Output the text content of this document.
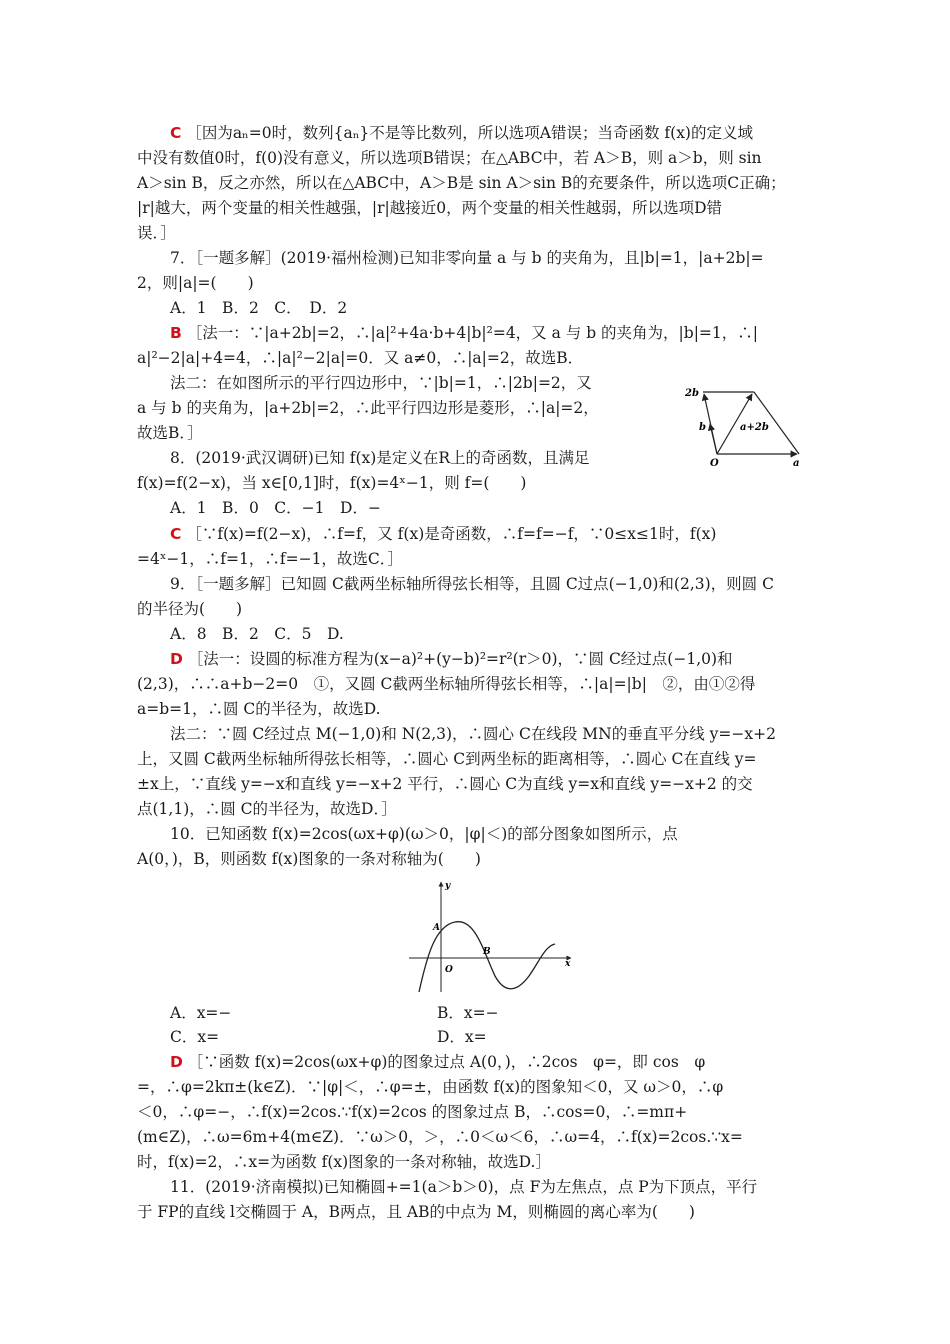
C ［因为aₙ=0时，数列{aₙ}不是等比数列，所以选项A错误；当奇函数 f(x)的定义域
中没有数值0时，f(0)没有意义，所以选项B错误；在△ABC中，若 A＞B，则 a＞b，则 sin
A＞sin B，反之亦然，所以在△ABC中，A＞B是 sin A＞sin B的充要条件，所以选项C正确；
|r|越大，两个变量的相关性越强，|r|越接近0，两个变量的相关性越弱，所以选项D错
误．］
7．［一题多解］(2019·福州检测)已知非零向量 a 与 b 的夹角为，且|b|=1，|a+2b|=
2，则|a|=(　　)
A．1　B．2　C．　D．2
B ［法一：∵|a+2b|=2，∴|a|²+4a·b+4|b|²=4，又 a 与 b 的夹角为，|b|=1，∴|
a|²−2|a|+4=4，∴|a|²−2|a|=0．又 a≠0，∴|a|=2，故选B．
法二：在如图所示的平行四边形中，∵|b|=1，∴|2b|=2，又
a 与 b 的夹角为，|a+2b|=2，∴此平行四边形是菱形，∴|a|=2，
故选B．］
2b
b	a+2b
O	a
8．(2019·武汉调研)已知 f(x)是定义在R上的奇函数，且满足
f(x)=f(2−x)，当 x∈[0,1]时，f(x)=4ˣ−1，则 f=(　　)
A．1　B．0　C．−1　D．−
C ［∵f(x)=f(2−x)，∴f=f，又 f(x)是奇函数，∴f=f=−f，∵0≤x≤1时，f(x)
=4ˣ−1，∴f=1，∴f=−1，故选C．］
9．［一题多解］已知圆 C截两坐标轴所得弦长相等，且圆 C过点(−1,0)和(2,3)，则圆 C
的半径为(　　)
A．8　B．2　C．5　D.
D ［法一：设圆的标准方程为(x−a)²+(y−b)²=r²(r＞0)，∵圆 C经过点(−1,0)和
(2,3)，∴∴a+b−2=0　①，又圆 C截两坐标轴所得弦长相等，∴|a|=|b|　②，由①②得
a=b=1，∴圆 C的半径为，故选D.
法二：∵圆 C经过点 M(−1,0)和 N(2,3)，∴圆心 C在线段 MN的垂直平分线 y=−x+2
上，又圆 C截两坐标轴所得弦长相等，∴圆心 C到两坐标的距离相等，∴圆心 C在直线 y=
±x上，∵直线 y=−x和直线 y=−x+2 平行，∴圆心 C为直线 y=x和直线 y=−x+2 的交
点(1,1)，∴圆 C的半径为，故选D．］
10．已知函数 f(x)=2cos(ωx+φ)(ω＞0，|φ|＜)的部分图象如图所示，点
A(0，)，B，则函数 f(x)图象的一条对称轴为(　　)
y
x
O
A
B
A．x=−	B．x=−
C．x=	D．x=
D ［∵函数 f(x)=2cos(ωx+φ)的图象过点 A(0，)，∴2cos　φ=，即 cos　φ
=，∴φ=2kπ±(k∈Z)．∵|φ|＜，∴φ=±，由函数 f(x)的图象知＜0，又 ω＞0，∴φ
＜0，∴φ=−，∴f(x)=2cos.∵f(x)=2cos 的图象过点 B，∴cos=0，∴=mπ+
(m∈Z)，∴ω=6m+4(m∈Z)．∵ω＞0，＞，∴0＜ω＜6，∴ω=4，∴f(x)=2cos.∵x=
时，f(x)=2，∴x=为函数 f(x)图象的一条对称轴，故选D.］
11．(2019·济南模拟)已知椭圆+=1(a＞b＞0)，点 F为左焦点，点 P为下顶点，平行
于 FP的直线 l交椭圆于 A，B两点，且 AB的中点为 M，则椭圆的离心率为(　　)
